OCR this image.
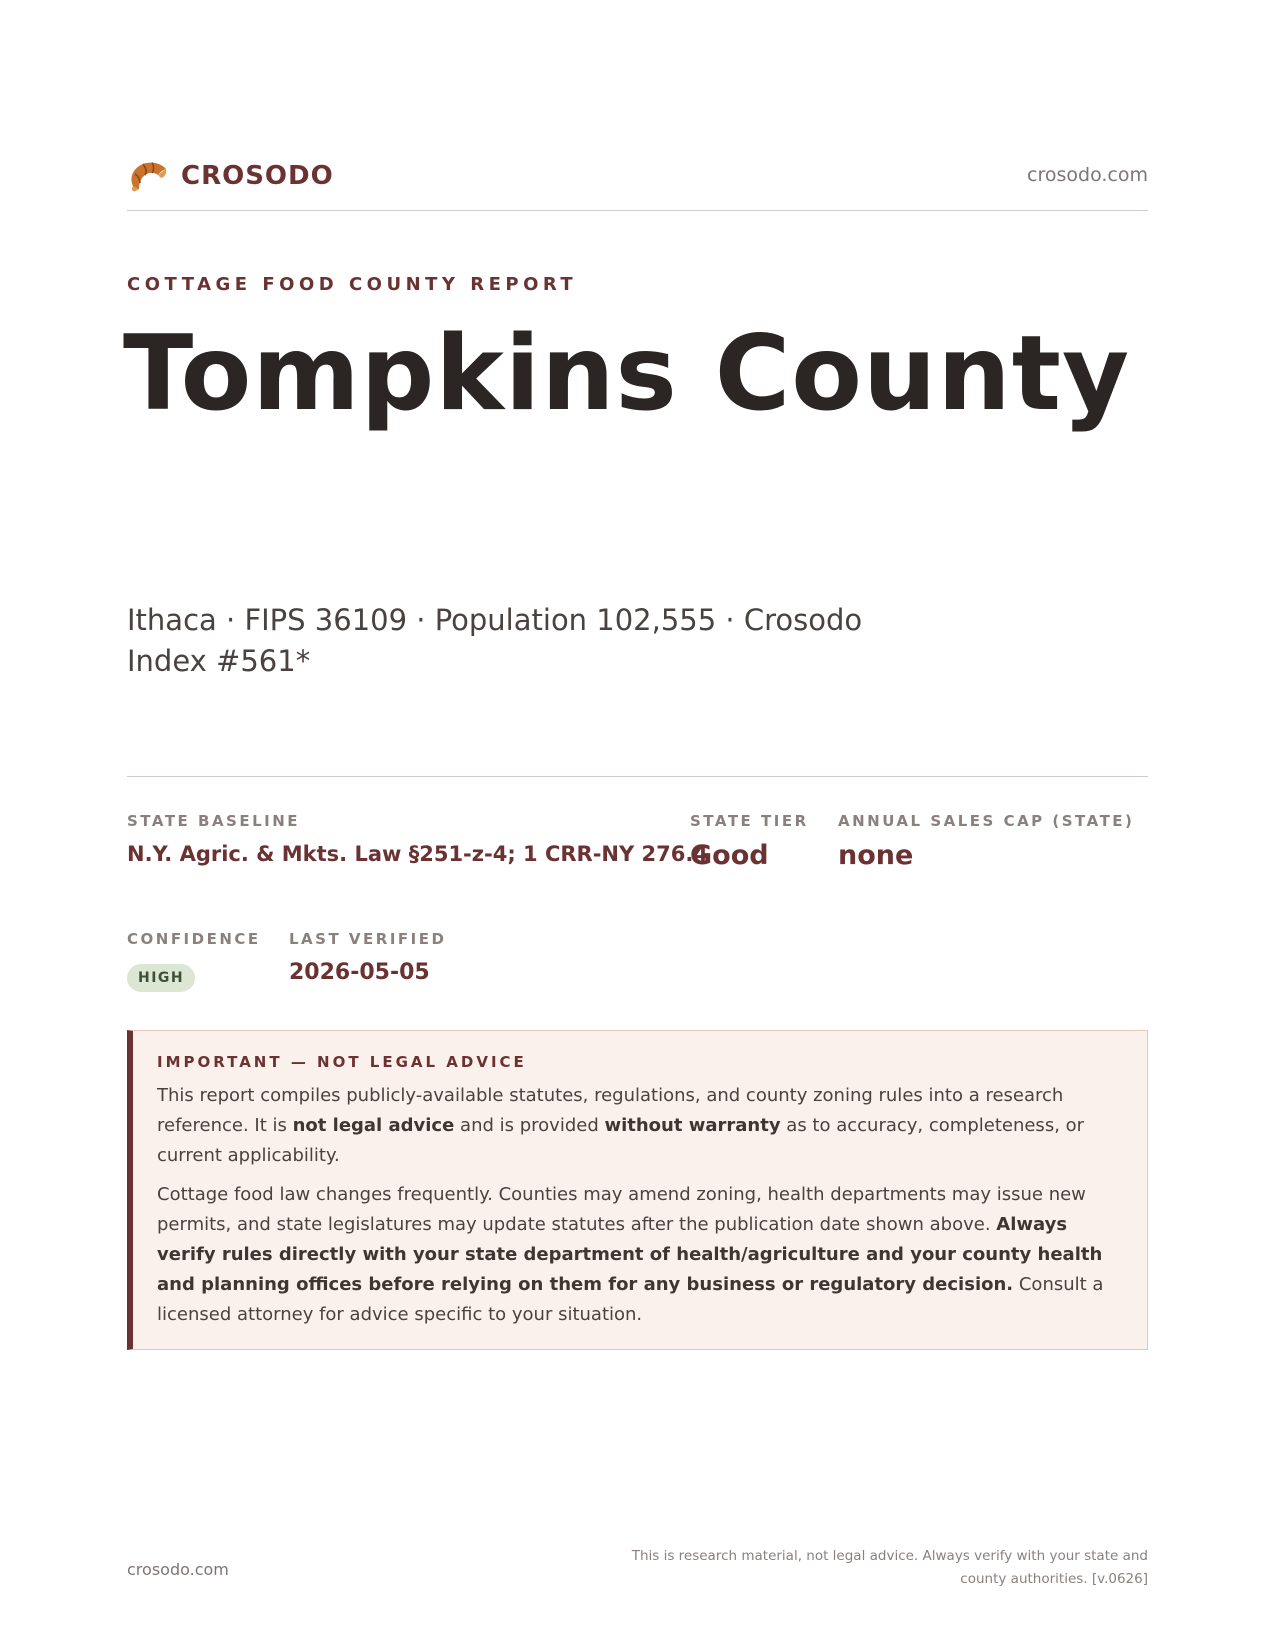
CROSODO	crosodo.com
COTTAGE FOOD COUNTY REPORT
Tompkins County
Ithaca · FIPS 36109 · Population 102,555 · Crosodo Index #561*
STATE BASELINE
N.Y. Agric. & Mkts. Law §251-z-4; 1 CRR-NY 276.4
STATE TIER
Good
ANNUAL SALES CAP (STATE)
none
CONFIDENCE
HIGH
LAST VERIFIED
2026-05-05
IMPORTANT — NOT LEGAL ADVICE

This report compiles publicly-available statutes, regulations, and county zoning rules into a research reference. It is not legal advice and is provided without warranty as to accuracy, completeness, or current applicability.

Cottage food law changes frequently. Counties may amend zoning, health departments may issue new permits, and state legislatures may update statutes after the publication date shown above. Always verify rules directly with your state department of health/agriculture and your county health and planning offices before relying on them for any business or regulatory decision. Consult a licensed attorney for advice specific to your situation.

crosodo.com
This is research material, not legal advice. Always verify with your state and county authorities. [v.0626]
